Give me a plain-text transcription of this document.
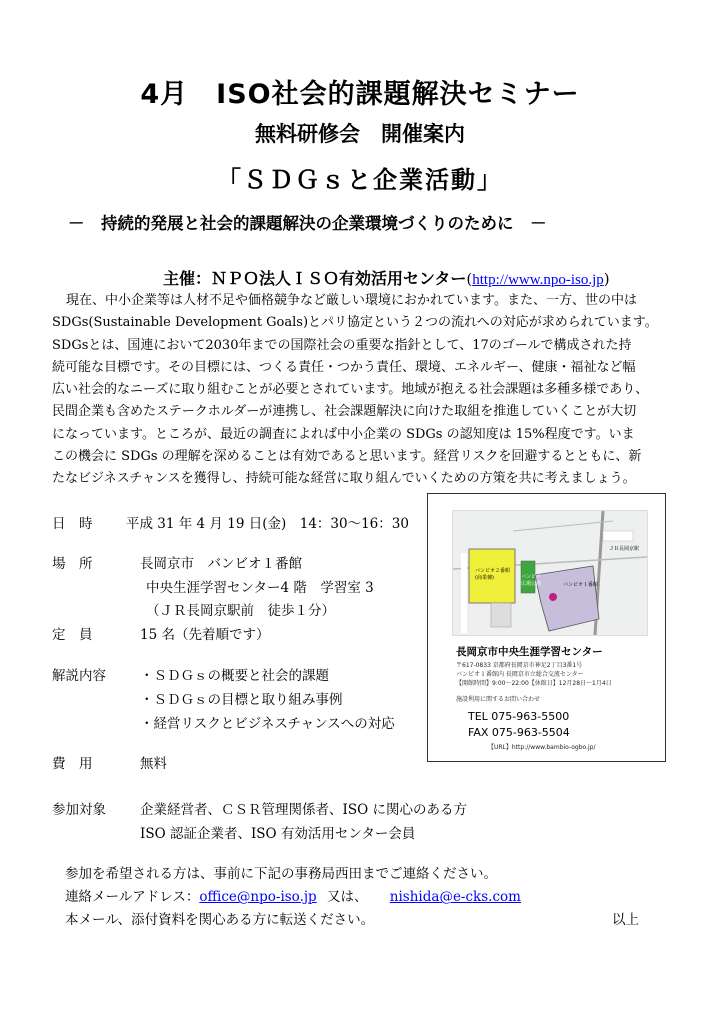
4月　ISO社会的課題解決セミナー
無料研修会　開催案内
「ＳＤＧｓと企業活動」
－　持続的発展と社会的課題解決の企業環境づくりのために　－
主催：ＮＰＯ法人ＩＳＯ有効活用センター(http://www.npo-iso.jp)
現在、中小企業等は人材不足や価格競争など厳しい環境におかれています。また、一方、世の中は
SDGs(Sustainable Development Goals)とパリ協定という２つの流れへの対応が求められています。
SDGsとは、国連において2030年までの国際社会の重要な指針として、17のゴールで構成された持
続可能な目標です。その目標には、つくる責任・つかう責任、環境、エネルギー、健康・福祉など幅
広い社会的なニーズに取り組むことが必要とされています。地域が抱える社会課題は多種多様であり、
民間企業も含めたステークホルダーが連携し、社会課題解決に向けた取組を推進していくことが大切
になっています。ところが、最近の調査によれば中小企業の SDGs の認知度は 15%程度です。いま
この機会に SDGs の理解を深めることは有効であると思います。経営リスクを回避するとともに、新
たなビジネスチャンスを獲得し、持続可能な経営に取り組んでいくための方策を共に考えましょう。
日　時 平成 31 年 4 月 19 日(金)　14：30～16：30
場　所	長岡京市　バンビオ１番館
中央生涯学習センター4 階　学習室 3
（ＪＲ長岡京駅前　徒歩１分）
定　員	15 名（先着順です）
解説内容	・ＳＤＧｓの概要と社会的課題
・ＳＤＧｓの目標と取り組み事例
・経営リスクとビジネスチャンスへの対応
費　用	無料
参加対象	企業経営者、ＣＳＲ管理関係者、ISO に関心のある方
ISO 認証企業者、ISO 有効活用センター会員
バンビオ２番館
(商業棟)	バンビオ
広場公園
ＪＲ長岡京駅
バンビオ１番館
長岡京市中央生涯学習センター
〒617-0833 京都府長岡京市神足2丁目3番1号
バンビオ１番館内 長岡京市立総合交流センター
【開館時間】9:00～22:00【休館日】12月28日～1月4日
施設利用に関するお問い合わせ
TEL 075-963-5500
FAX 075-963-5504
【URL】http://www.bambio-ogbo.jp/
参加を希望される方は、事前に下記の事務局西田までご連絡ください。
連絡メールアドレス：office@npo-iso.jp 又は、 nishida@e-cks.com
本メール、添付資料を関心ある方に転送ください。	以上
